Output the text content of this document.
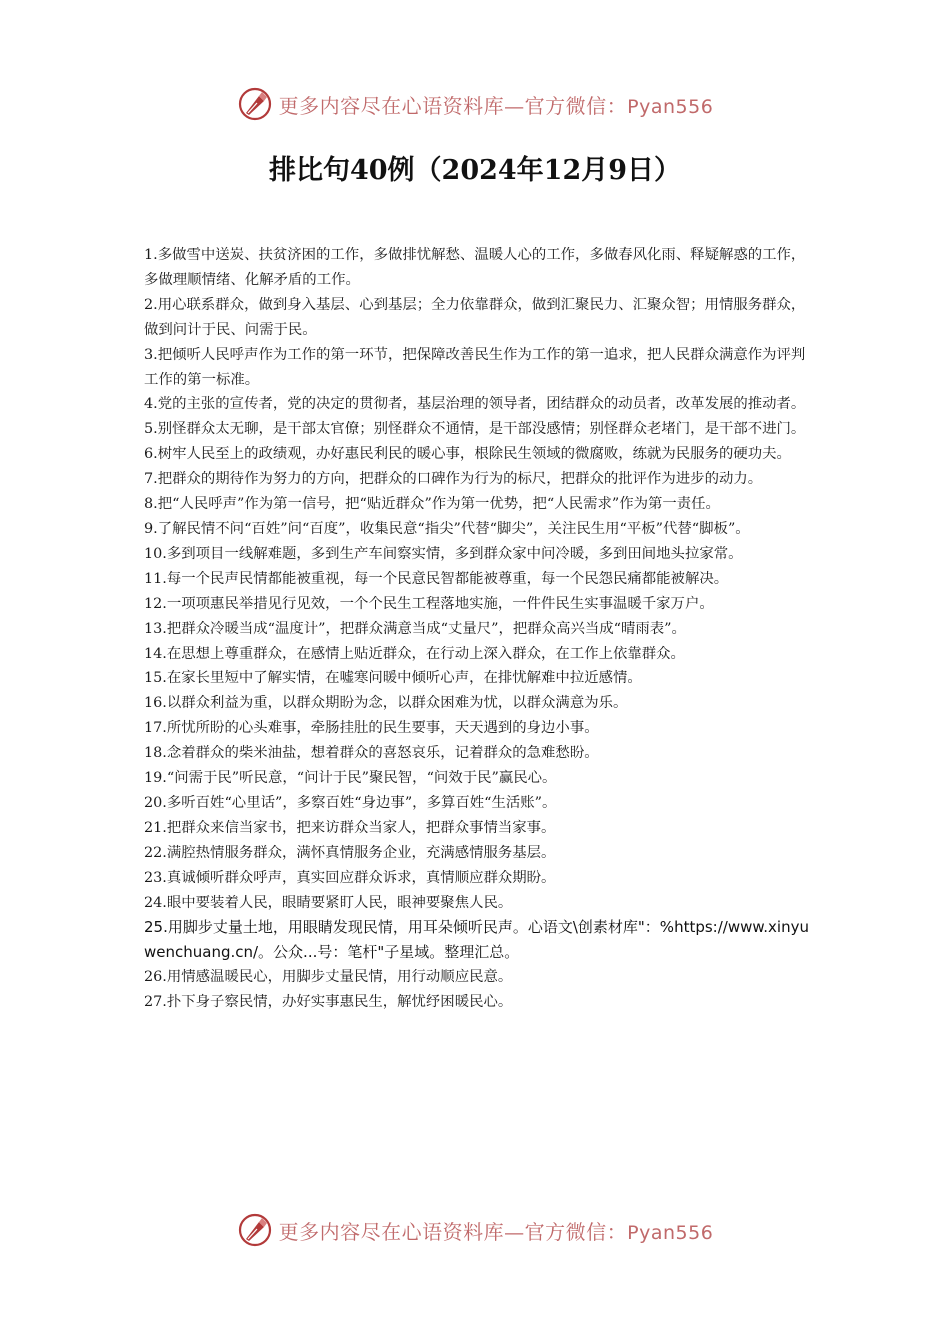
更多内容尽在心语资料库—官方微信：Pyan556
排比句40例（2024年12月9日）

1.多做雪中送炭、扶贫济困的工作，多做排忧解愁、温暖人心的工作，多做春风化雨、释疑解惑的工作，多做理顺情绪、化解矛盾的工作。

2.用心联系群众，做到身入基层、心到基层；全力依靠群众，做到汇聚民力、汇聚众智；用情服务群众，做到问计于民、问需于民。

3.把倾听人民呼声作为工作的第一环节，把保障改善民生作为工作的第一追求，把人民群众满意作为评判工作的第一标准。

4.党的主张的宣传者，党的决定的贯彻者，基层治理的领导者，团结群众的动员者，改革发展的推动者。

5.别怪群众太无聊，是干部太官僚；别怪群众不通情，是干部没感情；别怪群众老堵门，是干部不进门。

6.树牢人民至上的政绩观，办好惠民利民的暖心事，根除民生领域的微腐败，练就为民服务的硬功夫。

7.把群众的期待作为努力的方向，把群众的口碑作为行为的标尺，把群众的批评作为进步的动力。

8.把“人民呼声”作为第一信号，把“贴近群众”作为第一优势，把“人民需求”作为第一责任。

9.了解民情不问“百姓”问“百度”，收集民意“指尖”代替“脚尖”，关注民生用“平板”代替“脚板”。

10.多到项目一线解难题，多到生产车间察实情，多到群众家中问冷暖，多到田间地头拉家常。

11.每一个民声民情都能被重视，每一个民意民智都能被尊重，每一个民怨民痛都能被解决。

12.一项项惠民举措见行见效，一个个民生工程落地实施，一件件民生实事温暖千家万户。

13.把群众冷暖当成“温度计”，把群众满意当成“丈量尺”，把群众高兴当成“晴雨表”。

14.在思想上尊重群众，在感情上贴近群众，在行动上深入群众，在工作上依靠群众。

15.在家长里短中了解实情，在嘘寒问暖中倾听心声，在排忧解难中拉近感情。

16.以群众利益为重，以群众期盼为念，以群众困难为忧，以群众满意为乐。

17.所忧所盼的心头难事，牵肠挂肚的民生要事，天天遇到的身边小事。

18.念着群众的柴米油盐，想着群众的喜怒哀乐，记着群众的急难愁盼。

19.“问需于民”听民意，“问计于民”聚民智，“问效于民”赢民心。

20.多听百姓“心里话”，多察百姓“身边事”，多算百姓“生活账”。

21.把群众来信当家书，把来访群众当家人，把群众事情当家事。

22.满腔热情服务群众，满怀真情服务企业，充满感情服务基层。

23.真诚倾听群众呼声，真实回应群众诉求，真情顺应群众期盼。

24.眼中要装着人民，眼睛要紧盯人民，眼神要聚焦人民。

25.用脚步丈量土地，用眼睛发现民情，用耳朵倾听民声。心语文\创素材库"：%https://www.xinyuwenchuang.cn/。公众...号：笔杆"子星域。整理汇总。

26.用情感温暖民心，用脚步丈量民情，用行动顺应民意。

27.扑下身子察民情，办好实事惠民生，解忧纾困暖民心。

更多内容尽在心语资料库—官方微信：Pyan556
